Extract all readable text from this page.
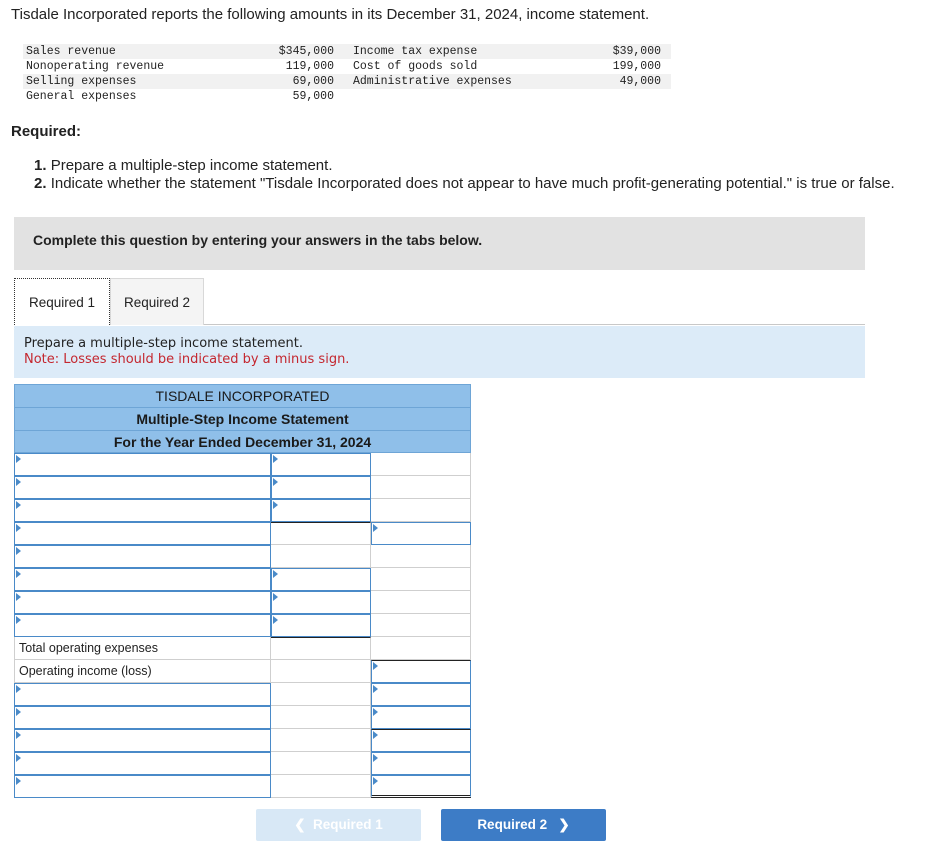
Tisdale Incorporated reports the following amounts in its December 31, 2024, income statement.
Sales revenue	$345,000	Income tax expense	$39,000
Nonoperating revenue	119,000	Cost of goods sold	199,000
Selling expenses	69,000	Administrative expenses	49,000
General expenses	59,000
Required:
1. Prepare a multiple-step income statement.
2. Indicate whether the statement "Tisdale Incorporated does not appear to have much profit-generating potential." is true or false.
Complete this question by entering your answers in the tabs below.
Required 1	Required 2
Prepare a multiple-step income statement.
Note: Losses should be indicated by a minus sign.
TISDALE INCORPORATED
Multiple-Step Income Statement
For the Year Ended December 31, 2024
Total operating expenses
Operating income (loss)
❮ Required 1	Required 2 ❯
